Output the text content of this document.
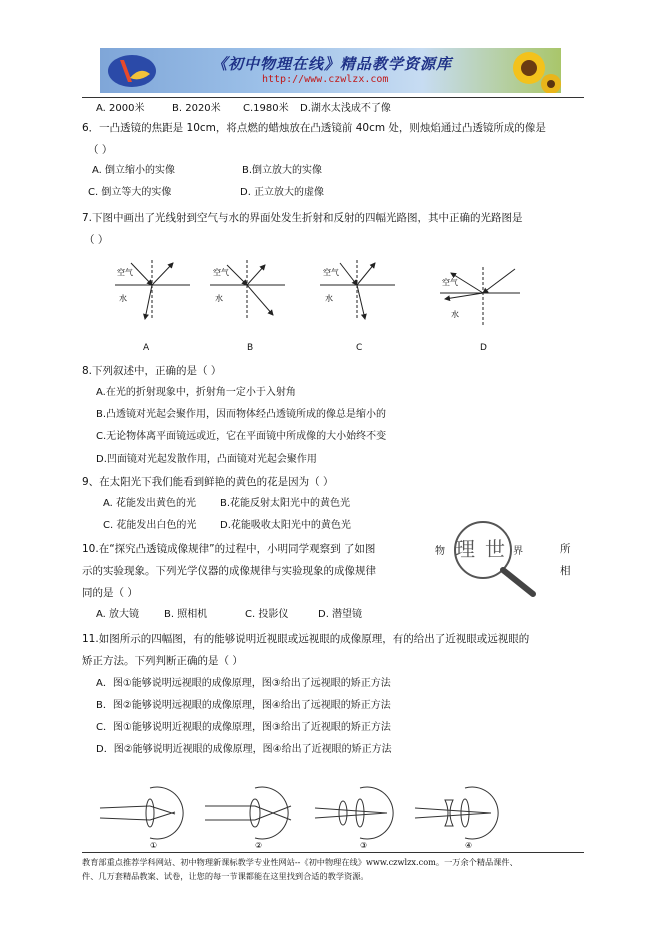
《初中物理在线》精品教学资源库
http://www.czwlzx.com
A. 2000米	B. 2020米 C.1980米 D.湖水太浅成不了像
6．一凸透镜的焦距是 10cm，将点燃的蜡烛放在凸透镜前 40cm 处，则烛焰通过凸透镜所成的像是
（ ）
A. 倒立缩小的实像	B.倒立放大的实像
C. 倒立等大的实像	D. 正立放大的虚像
7.下图中画出了光线射到空气与水的界面处发生折射和反射的四幅光路图，其中正确的光路图是
（ ）
空气
水
空气
水
空气
水
空气
水
A	B	C	D
8.下列叙述中，正确的是（ ）
A.在光的折射现象中，折射角一定小于入射角
B.凸透镜对光起会聚作用，因而物体经凸透镜所成的像总是缩小的
C.无论物体离平面镜远或近，它在平面镜中所成像的大小始终不变
D.凹面镜对光起发散作用，凸面镜对光起会聚作用
9、在太阳光下我们能看到鲜艳的黄色的花是因为（ ）
A. 花能发出黄色的光 B.花能反射太阳光中的黄色光
C. 花能发出白色的光 D.花能吸收太阳光中的黄色光
10.在“探究凸透镜成像规律”的过程中，小明同学观察到 了如图
示的实验现象。下列光学仪器的成像规律与实验现象的成像规律
同的是（ ）
所
相
物 理 世 界
A. 放大镜 B. 照相机	C. 投影仪	D. 潜望镜
11.如图所示的四幅图，有的能够说明近视眼或远视眼的成像原理，有的给出了近视眼或远视眼的
矫正方法。下列判断正确的是（ ）
A．图①能够说明远视眼的成像原理，图③给出了远视眼的矫正方法
B．图②能够说明远视眼的成像原理，图④给出了远视眼的矫正方法
C．图①能够说明近视眼的成像原理，图③给出了近视眼的矫正方法
D．图②能够说明近视眼的成像原理，图④给出了近视眼的矫正方法
①	②	③	④
教育部重点推荐学科网站、初中物理新课标教学专业性网站--《初中物理在线》www.czwlzx.com。一万余个精品课件、
件、几万套精品教案、试卷，让您的每一节课都能在这里找到合适的教学资源。
